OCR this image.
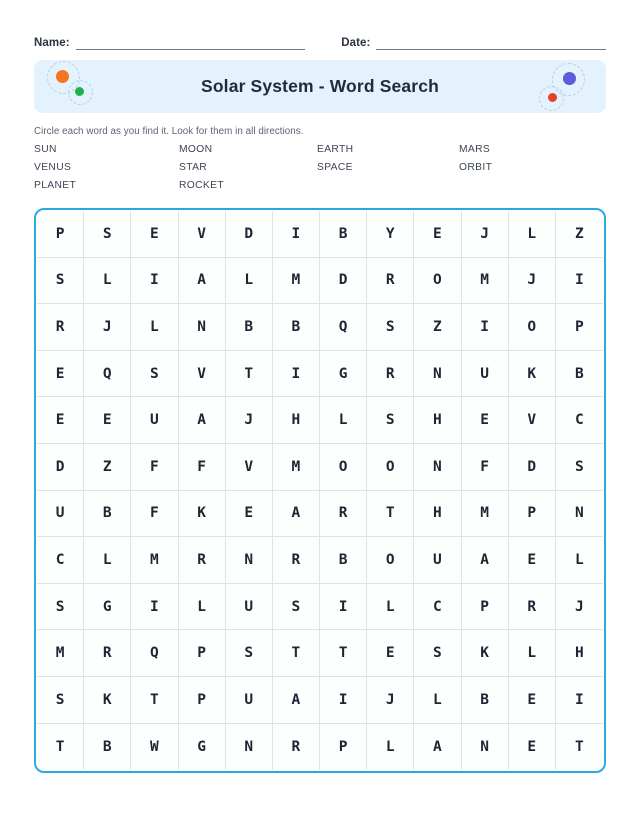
Name:	Date:
Solar System - Word Search
Circle each word as you find it. Look for them in all directions.
SUN	MOON	EARTH	MARS
VENUS	STAR	SPACE	ORBIT
PLANET	ROCKET
P	S	E	V	D	I	B	Y	E	J	L	Z
S	L	I	A	L	M	D	R	O	M	J	I
R	J	L	N	B	B	Q	S	Z	I	O	P
E	Q	S	V	T	I	G	R	N	U	K	B
E	E	U	A	J	H	L	S	H	E	V	C
D	Z	F	F	V	M	O	O	N	F	D	S
U	B	F	K	E	A	R	T	H	M	P	N
C	L	M	R	N	R	B	O	U	A	E	L
S	G	I	L	U	S	I	L	C	P	R	J
M	R	Q	P	S	T	T	E	S	K	L	H
S	K	T	P	U	A	I	J	L	B	E	I
T	B	W	G	N	R	P	L	A	N	E	T
